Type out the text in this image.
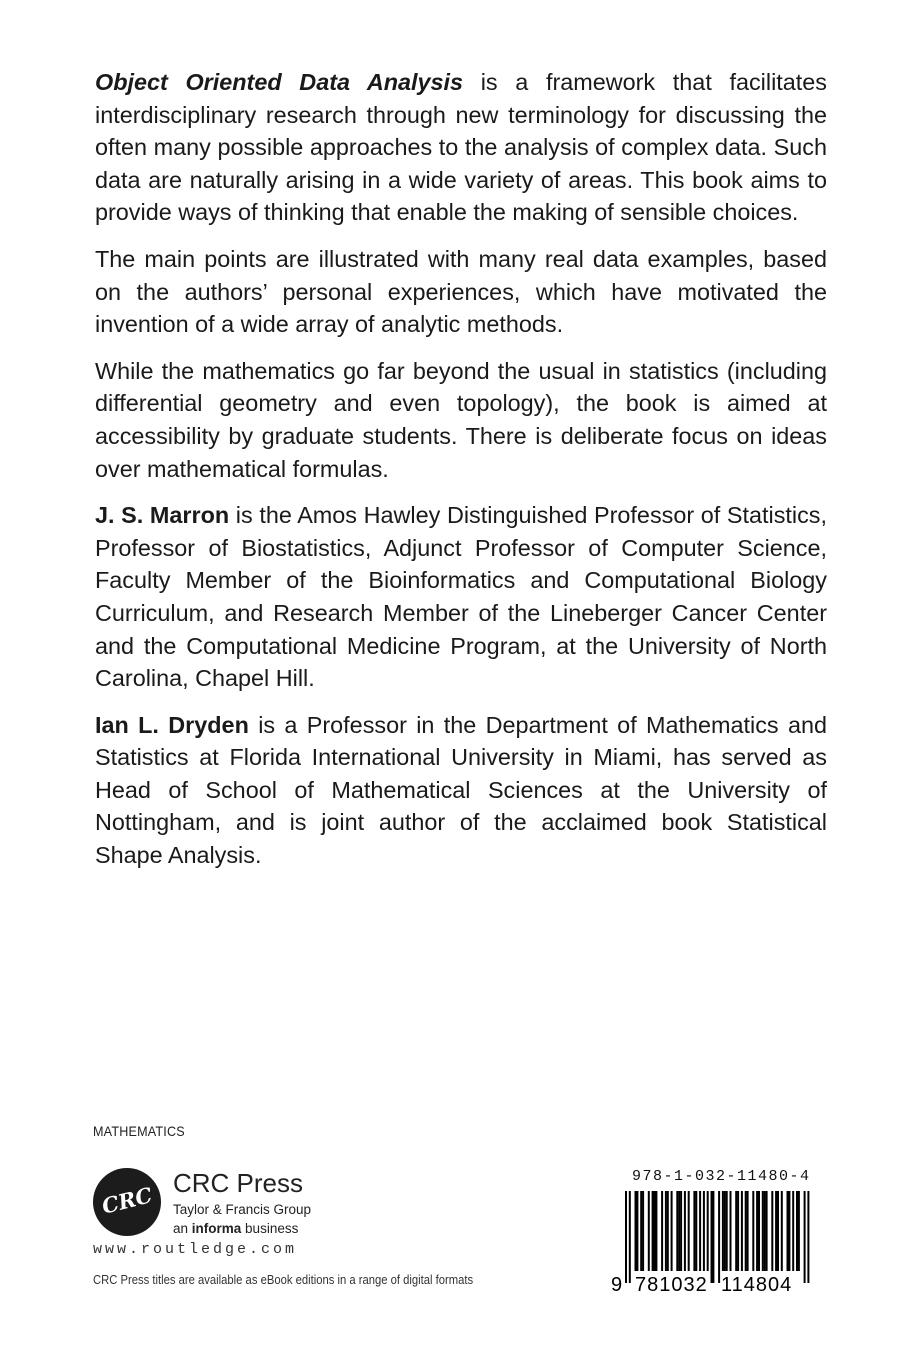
Object Oriented Data Analysis is a framework that facilitates interdisciplinary research through new terminology for discussing the often many possible approaches to the analysis of complex data. Such data are naturally arising in a wide variety of areas. This book aims to provide ways of thinking that enable the making of sensible choices.

The main points are illustrated with many real data examples, based on the authors’ personal experiences, which have motivated the invention of a wide array of analytic methods.

While the mathematics go far beyond the usual in statistics (including differential geometry and even topology), the book is aimed at accessibility by graduate students. There is deliberate focus on ideas over mathematical formulas.

J. S. Marron is the Amos Hawley Distinguished Professor of Statistics, Professor of Biostatistics, Adjunct Professor of Computer Science, Faculty Member of the Bioinformatics and Computational Biology Curriculum, and Research Member of the Lineberger Cancer Center and the Computational Medicine Program, at the University of North Carolina, Chapel Hill.

Ian L. Dryden is a Professor in the Department of Mathematics and Statistics at Florida International University in Miami, has served as Head of School of Mathematical Sciences at the University of Nottingham, and is joint author of the acclaimed book Statistical Shape Analysis.

MATHEMATICS
CRC CRC Press
Taylor & Francis Group
an informa business
www.routledge.com
CRC Press titles are available as eBook editions in a range of digital formats
978-1-032-11480-4
9 781032 114804
